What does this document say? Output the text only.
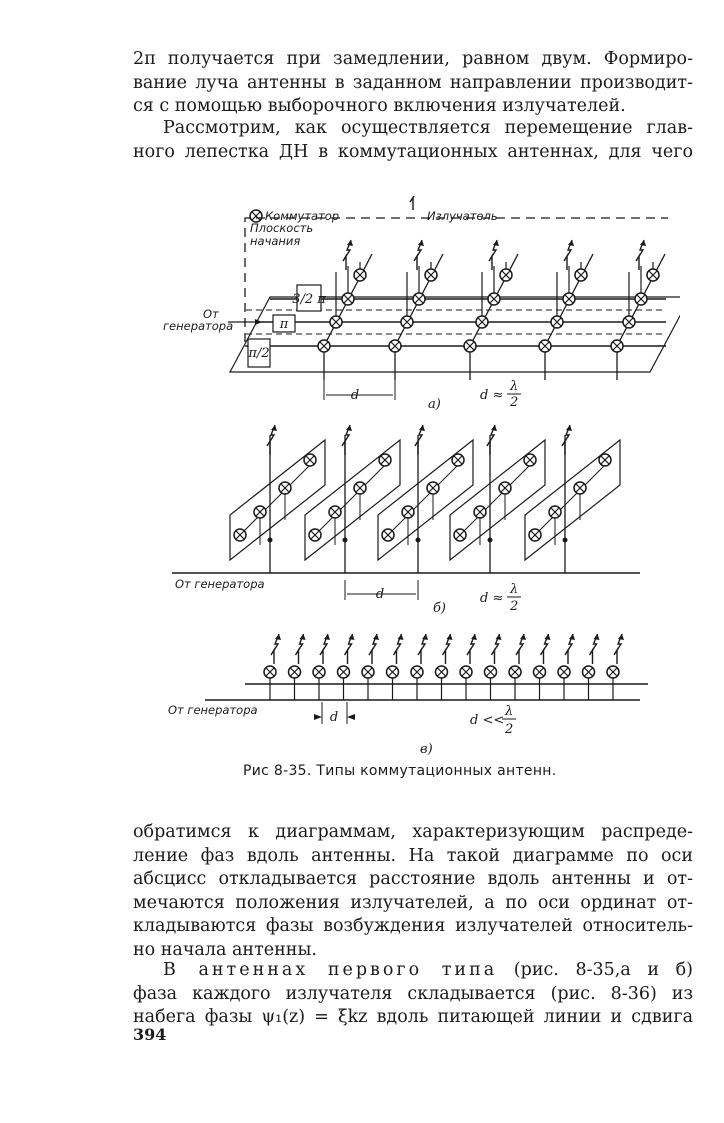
2π получается при замедлении, равном двум. Формиро-
вание луча антенны в заданном направлении производит-
ся с помощью выборочного включения излучателей.

Рассмотрим, как осуществляется перемещение глав-
ного лепестка ДН в коммутационных антеннах, для чего

Коммутатор	Излучатель
Плоскость
начания
От
генератора
3/2 π
π
π/2
d
а)
d ≈
λ
2
От генератора
d
б)
d ≈
λ
2
От генератора	d
в)
d <<
λ
2
Рис 8-35. Типы коммутационных антенн.

обратимся к диаграммам, характеризующим распреде-
ление фаз вдоль антенны. На такой диаграмме по оси
абсцисс откладывается расстояние вдоль антенны и от-
мечаются положения излучателей, а по оси ординат от-
кладываются фазы возбуждения излучателей относитель-
но начала антенны.

В антеннах первого типа (рис. 8-35,а и б)
фаза каждого излучателя складывается (рис. 8-36) из
набега фазы ψ₁(z) = ξkz вдоль питающей линии и сдвига

394
